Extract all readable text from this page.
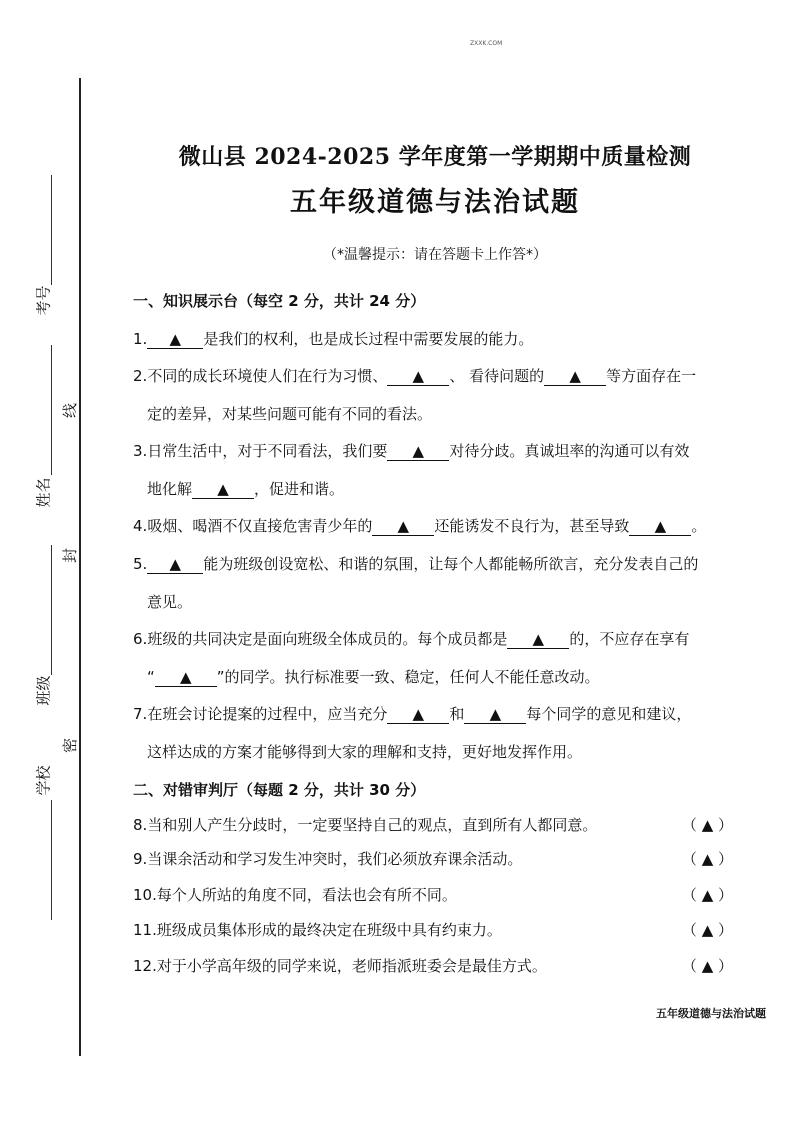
ZXXK.COM
考号
线
姓名
封
班级
密
学校
微山县 2024-2025 学年度第一学期期中质量检测
五年级道德与法治试题
（*温馨提示：请在答题卡上作答*）
一、知识展示台（每空 2 分，共计 24 分）
1. ▲ 是我们的权利，也是成长过程中需要发展的能力。
2.不同的成长环境使人们在行为习惯、 ▲ 、 看待问题的 ▲ 等方面存在一
定的差异，对某些问题可能有不同的看法。
3.日常生活中，对于不同看法，我们要 ▲ 对待分歧。真诚坦率的沟通可以有效
地化解 ▲ ，促进和谐。
4.吸烟、喝酒不仅直接危害青少年的 ▲ 还能诱发不良行为，甚至导致 ▲ 。
5. ▲ 能为班级创设宽松、和谐的氛围，让每个人都能畅所欲言，充分发表自己的
意见。
6.班级的共同决定是面向班级全体成员的。每个成员都是 ▲ 的，不应存在享有
“ ▲ ”的同学。执行标准要一致、稳定，任何人不能任意改动。
7.在班会讨论提案的过程中，应当充分 ▲ 和 ▲ 每个同学的意见和建议，
这样达成的方案才能够得到大家的理解和支持，更好地发挥作用。
二、对错审判厅（每题 2 分，共计 30 分）
8.当和别人产生分歧时，一定要坚持自己的观点，直到所有人都同意。	（ ▲ ）
9.当课余活动和学习发生冲突时，我们必须放弃课余活动。	（ ▲ ）
10.每个人所站的角度不同，看法也会有所不同。	（ ▲ ）
11.班级成员集体形成的最终决定在班级中具有约束力。	（ ▲ ）
12.对于小学高年级的同学来说，老师指派班委会是最佳方式。	（ ▲ ）
五年级道德与法治试题
